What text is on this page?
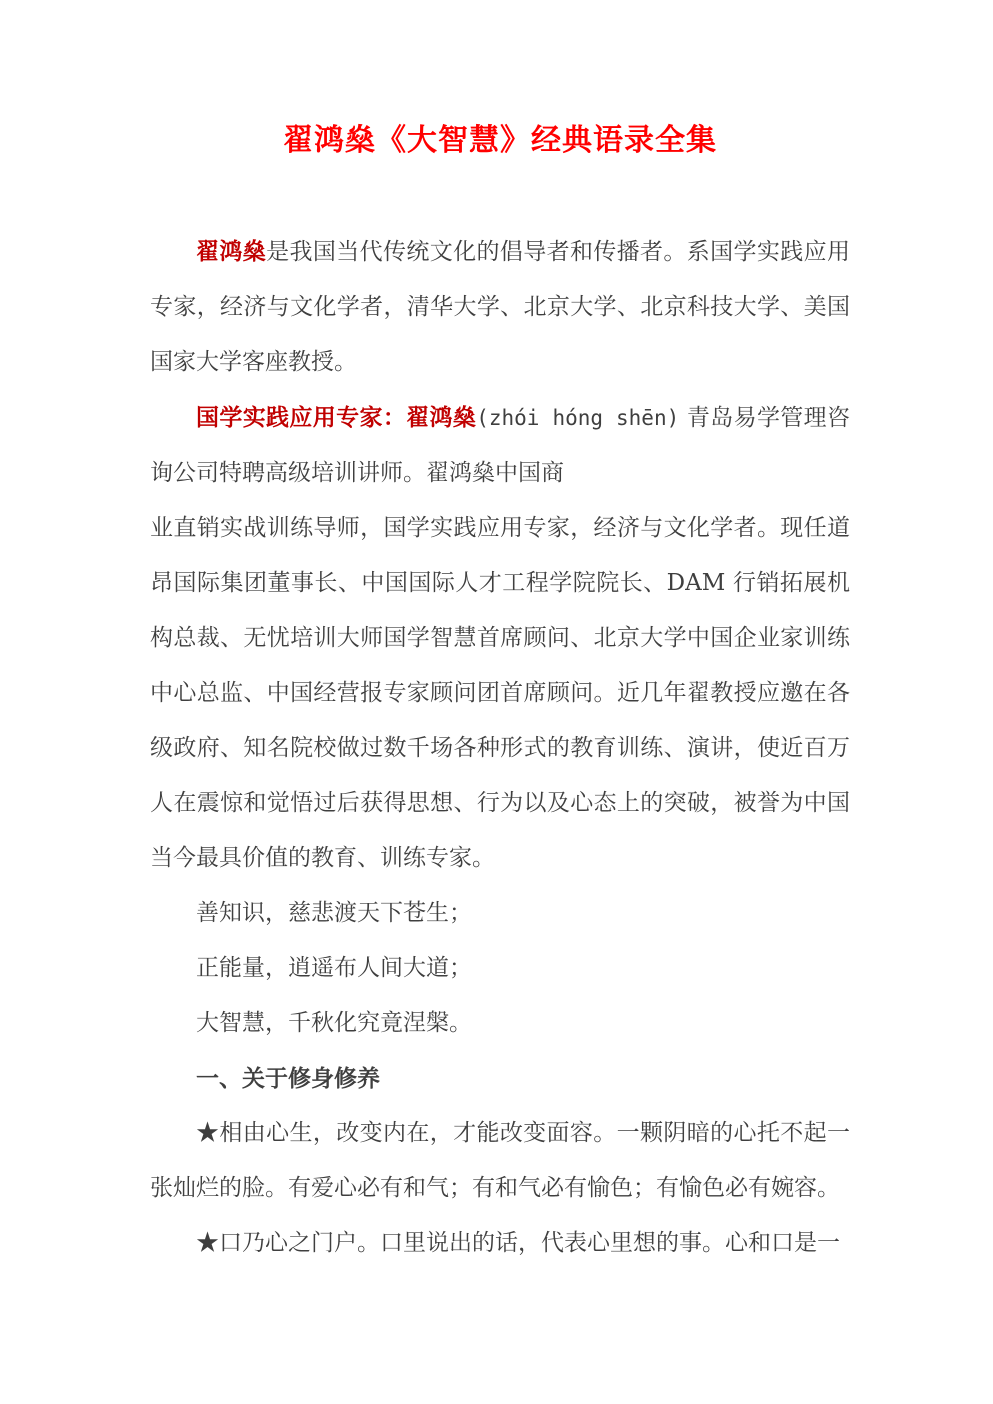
翟鸿燊《大智慧》经典语录全集

翟鸿燊是我国当代传统文化的倡导者和传播者。系国学实践应用专家，经济与文化学者，清华大学、北京大学、北京科技大学、美国国家大学客座教授。

国学实践应用专家：翟鸿燊(zhói hóng shēn) 青岛易学管理咨询公司特聘高级培训讲师。翟鸿燊中国商

业直销实战训练导师，国学实践应用专家，经济与文化学者。现任道昂国际集团董事长、中国国际人才工程学院院长、DAM 行销拓展机构总裁、无忧培训大师国学智慧首席顾问、北京大学中国企业家训练中心总监、中国经营报专家顾问团首席顾问。近几年翟教授应邀在各级政府、知名院校做过数千场各种形式的教育训练、演讲，使近百万人在震惊和觉悟过后获得思想、行为以及心态上的突破，被誉为中国当今最具价值的教育、训练专家。

善知识，慈悲渡天下苍生；

正能量，逍遥布人间大道；

大智慧，千秋化究竟涅槃。

一、关于修身修养

★相由心生，改变内在，才能改变面容。一颗阴暗的心托不起一张灿烂的脸。有爱心必有和气；有和气必有愉色；有愉色必有婉容。

★口乃心之门户。口里说出的话，代表心里想的事。心和口是一
